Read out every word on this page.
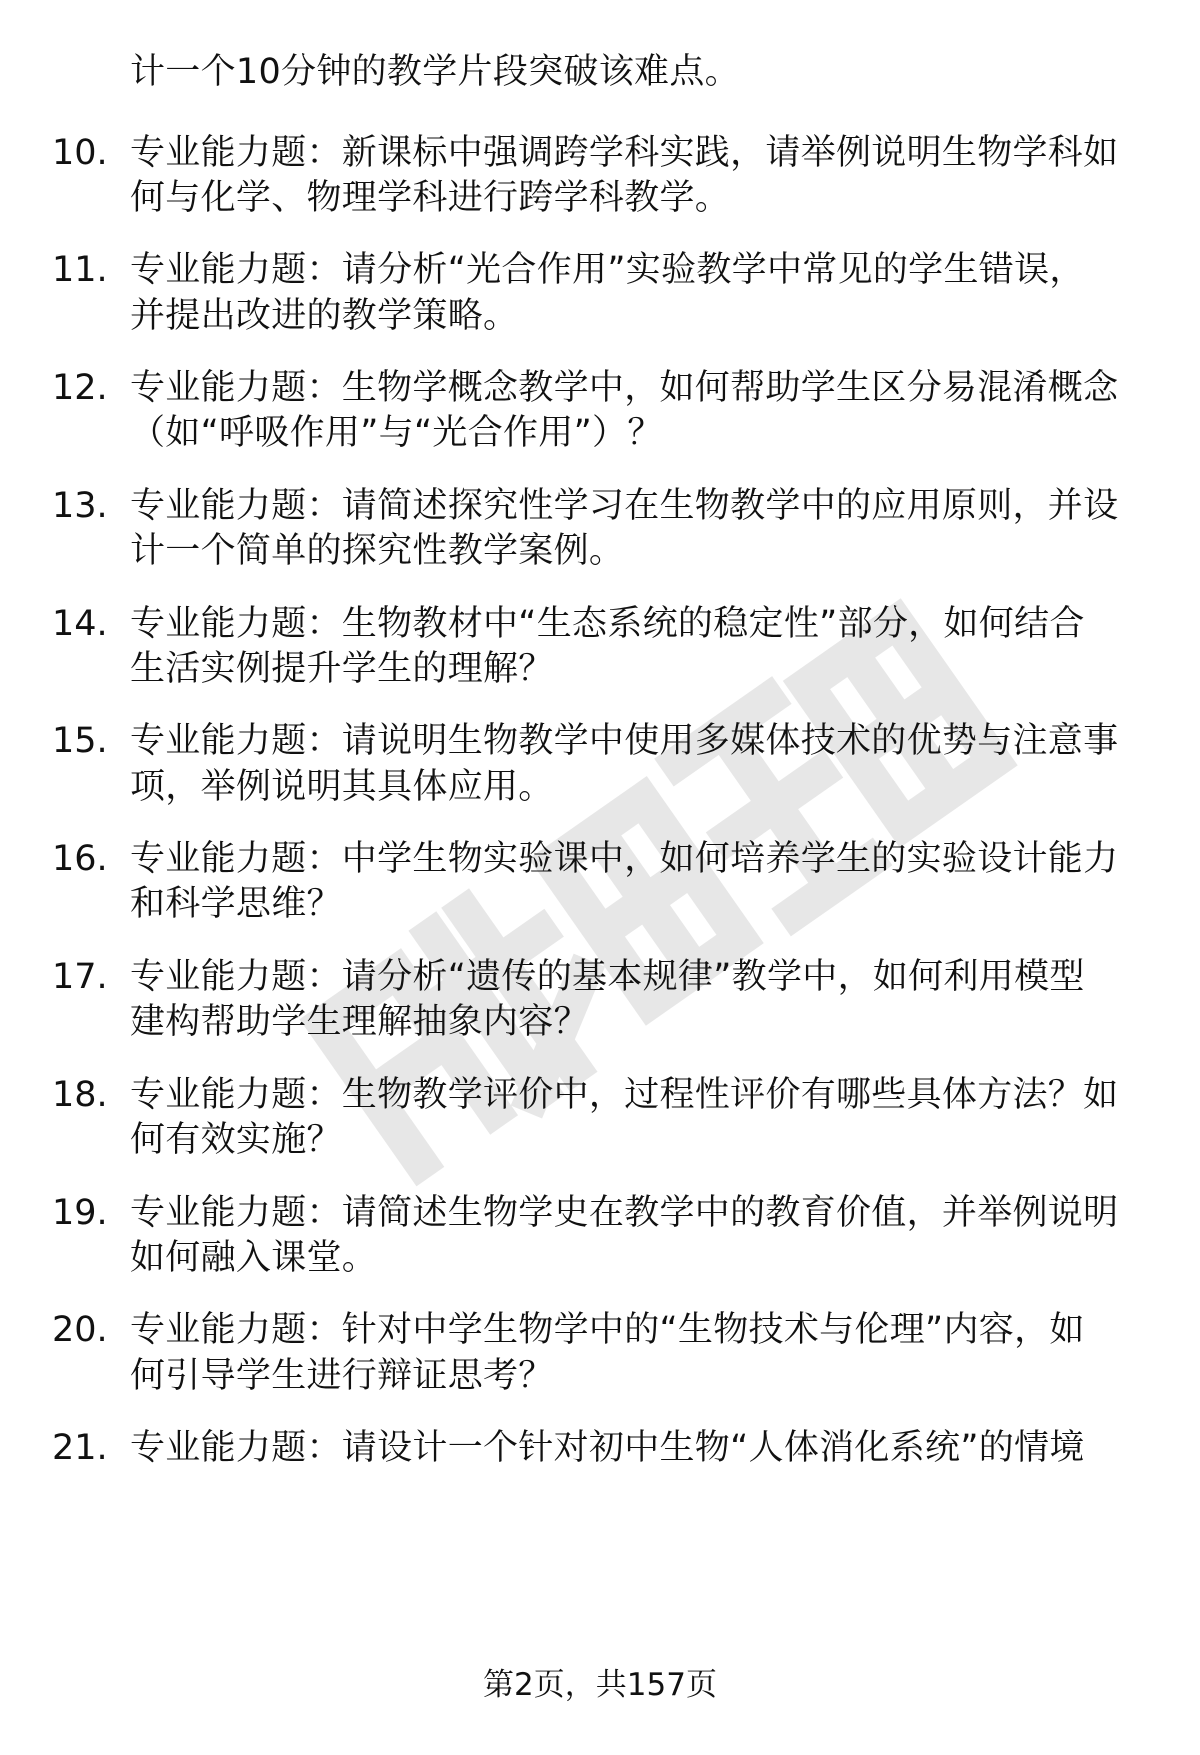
计一个10分钟的教学片段突破该难点。
10. 专业能力题：新课标中强调跨学科实践，请举例说明生物学科如
何与化学、物理学科进行跨学科教学。
11. 专业能力题：请分析“光合作用”实验教学中常见的学生错误，
并提出改进的教学策略。
12. 专业能力题：生物学概念教学中，如何帮助学生区分易混淆概念
（如“呼吸作用”与“光合作用”）？
13. 专业能力题：请简述探究性学习在生物教学中的应用原则，并设
计一个简单的探究性教学案例。
14. 专业能力题：生物教材中“生态系统的稳定性”部分，如何结合
生活实例提升学生的理解？
15. 专业能力题：请说明生物教学中使用多媒体技术的优势与注意事
项，举例说明其具体应用。
16. 专业能力题：中学生物实验课中，如何培养学生的实验设计能力
和科学思维？
17. 专业能力题：请分析“遗传的基本规律”教学中，如何利用模型
建构帮助学生理解抽象内容？
18. 专业能力题：生物教学评价中，过程性评价有哪些具体方法？如
何有效实施？
19. 专业能力题：请简述生物学史在教学中的教育价值，并举例说明
如何融入课堂。
20. 专业能力题：针对中学生物学中的“生物技术与伦理”内容，如
何引导学生进行辩证思考？
21. 专业能力题：请设计一个针对初中生物“人体消化系统”的情境
第2页，共157页
